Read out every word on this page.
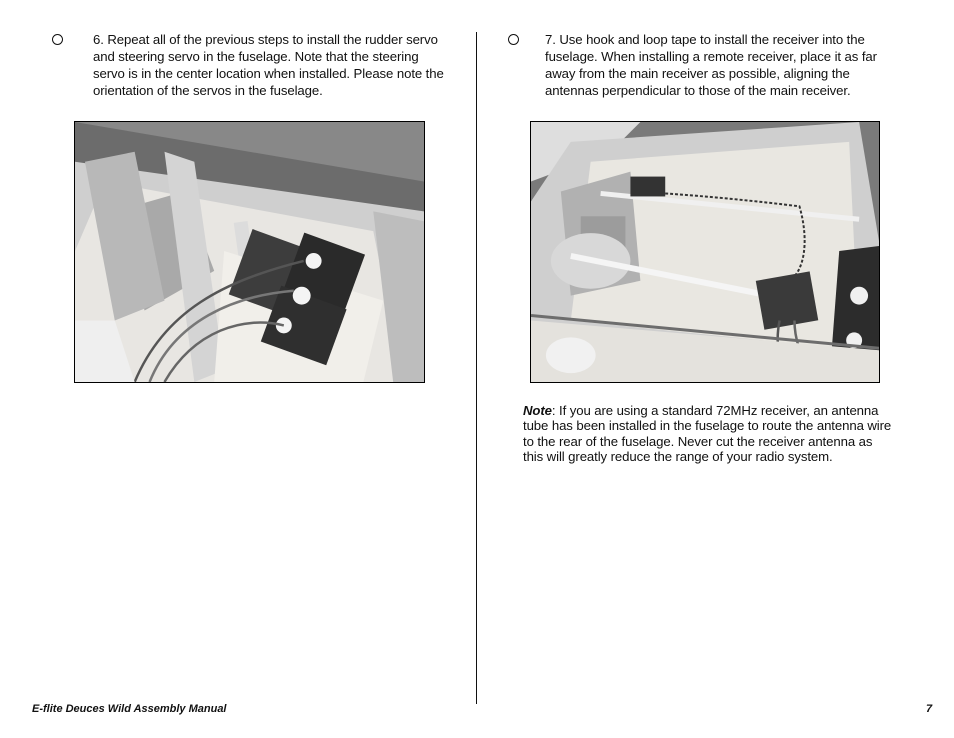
6. Repeat all of the previous steps to install the rudder servo and steering servo in the fuselage. Note that the steering servo is in the center location when installed. Please note the orientation of the servos in the fuselage.
7. Use hook and loop tape to install the receiver into the fuselage. When installing a remote receiver, place it as far away from the main receiver as possible, aligning the antennas perpendicular to those of the main receiver.
Note: If you are using a standard 72MHz receiver, an antenna tube has been installed in the fuselage to route the antenna wire to the rear of the fuselage. Never cut the receiver antenna as this will greatly reduce the range of your radio system.
E-flite Deuces Wild Assembly Manual	7
